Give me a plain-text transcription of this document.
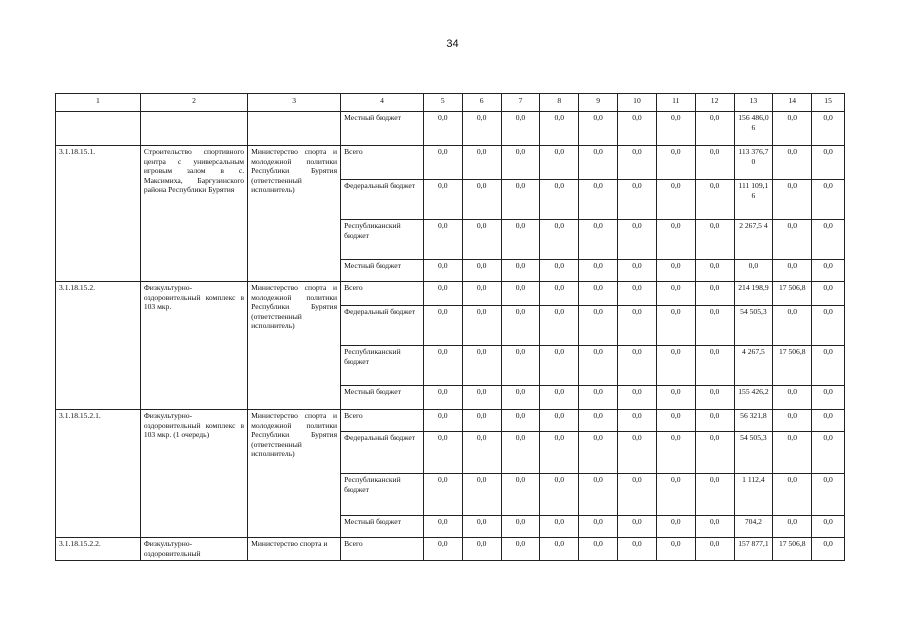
34
1	2	3	4	5	6	7	8	9	10	11	12	13	14	15
			Местный бюджет	0,0	0,0	0,0	0,0	0,0	0,0	0,0	0,0	156 486,0 6	0,0	0,0
3.1.18.15.1.	Строительство спортивного центра с универсальным игровым залом в с. Максимиха, Баргузинского района Республики Бурятия	Министерство спорта и молодежной политики Республики Бурятия (ответственный исполнитель)	Всего	0,0	0,0	0,0	0,0	0,0	0,0	0,0	0,0	113 376,7 0	0,0	0,0
			Федеральный бюджет	0,0	0,0	0,0	0,0	0,0	0,0	0,0	0,0	111 109,1 6	0,0	0,0
			Республиканский бюджет	0,0	0,0	0,0	0,0	0,0	0,0	0,0	0,0	2 267,5 4	0,0	0,0
			Местный бюджет	0,0	0,0	0,0	0,0	0,0	0,0	0,0	0,0	0,0	0,0	0,0
3.1.18.15.2.	Физкультурно-оздоровительный комплекс в 103 мкр.	Министерство спорта и молодежной политики Республики Бурятия (ответственный исполнитель)	Всего	0,0	0,0	0,0	0,0	0,0	0,0	0,0	0,0	214 198,9	17 506,8	0,0
			Федеральный бюджет	0,0	0,0	0,0	0,0	0,0	0,0	0,0	0,0	54 505,3	0,0	0,0
			Республиканский бюджет	0,0	0,0	0,0	0,0	0,0	0,0	0,0	0,0	4 267,5	17 506,8	0,0
			Местный бюджет	0,0	0,0	0,0	0,0	0,0	0,0	0,0	0,0	155 426,2	0,0	0,0
3.1.18.15.2.1.	Физкультурно-оздоровительный комплекс в 103 мкр. (1 очередь)	Министерство спорта и молодежной политики Республики Бурятия (ответственный исполнитель)	Всего	0,0	0,0	0,0	0,0	0,0	0,0	0,0	0,0	56 321,8	0,0	0,0
			Федеральный бюджет	0,0	0,0	0,0	0,0	0,0	0,0	0,0	0,0	54 505,3	0,0	0,0
			Республиканский бюджет	0,0	0,0	0,0	0,0	0,0	0,0	0,0	0,0	1 112,4	0,0	0,0
			Местный бюджет	0,0	0,0	0,0	0,0	0,0	0,0	0,0	0,0	704,2	0,0	0,0
3.1.18.15.2.2.	Физкультурно-оздоровительный	Министерство спорта и	Всего	0,0	0,0	0,0	0,0	0,0	0,0	0,0	0,0	157 877,1	17 506,8	0,0
